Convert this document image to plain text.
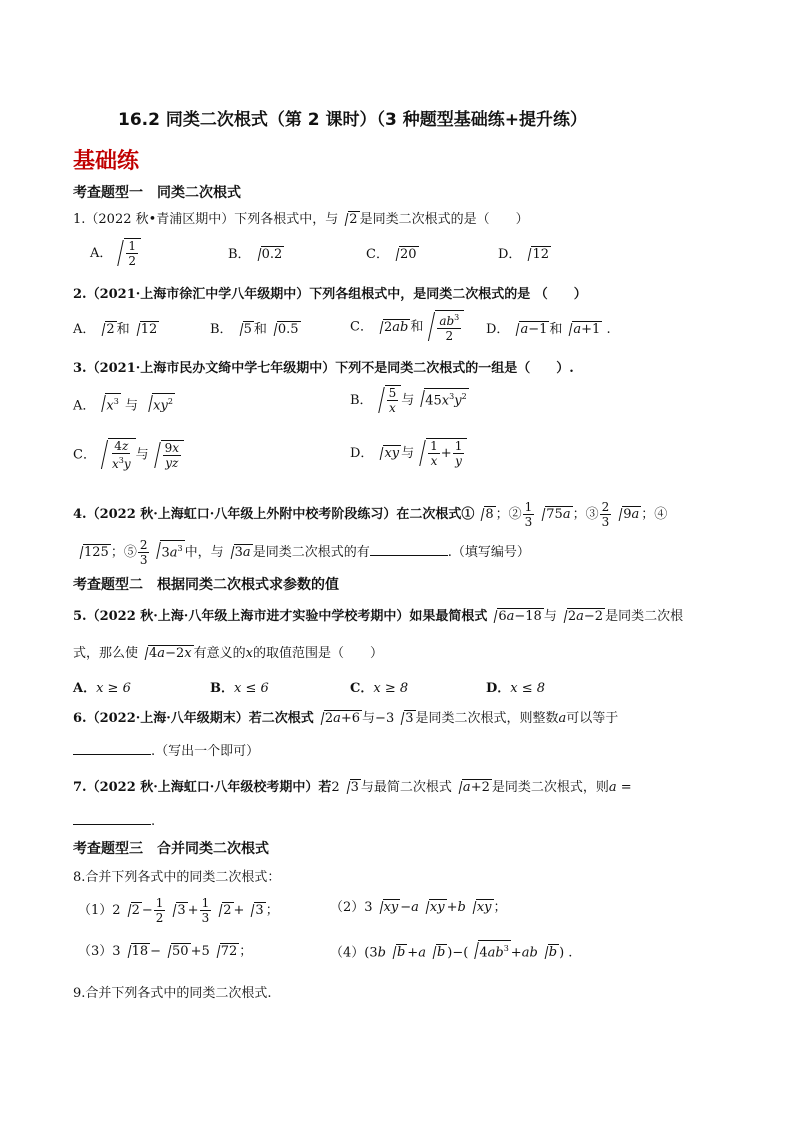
16.2 同类二次根式（第 2 课时）（3 种题型基础练+提升练）
基础练
考查题型一　同类二次根式
1.（2022 秋•青浦区期中）下列各根式中，与 2 是同类二次根式的是（　　）
A． $\frac{1}{2}$	B． 0.2	C． 20	D． 12
2.（2021·上海市徐汇中学八年级期中）下列各组根式中，是同类二次根式的是 （　　）
A． 2 和 12	B． 5 和 0.5	C． 2ab 和 $\frac{ab^3}{2}$ D． a−1 和 a+1 .
3.（2021·上海市民办文绮中学七年级期中）下列不是同类二次根式的一组是（　　）.
A． $x^3$ 与 $xy^2$	B． $\frac{5}{x}$ 与 $45x^3y^2$
C． $\frac{4z}{x^3y}$ 与 $\frac{9x}{yz}$	D． xy 与 $\frac{1}{x} + \frac{1}{y}$
4.（2022 秋·上海虹口·八年级上外附中校考阶段练习）在二次根式① 8 ；② $\frac{1}{3} 75a$ ；③ $\frac{2}{3} 9a$ ；④
125 ；⑤ $\frac{2}{3} 3a^3$ 中，与 3a 是同类二次根式的有	.（填写编号）
考查题型二　根据同类二次根式求参数的值
5.（2022 秋·上海·八年级上海市进才实验中学校考期中）如果最简根式 6a−18 与 2a−2 是同类二次根
式，那么使 4a−2x 有意义的x的取值范围是（　　）
A．x ≥ 6	B．x ≤ 6	C．x ≥ 8	D．x ≤ 8
6.（2022·上海·八年级期末）若二次根式 2a+6 与−3 3 是同类二次根式，则整数a可以等于
.（写出一个即可）
7.（2022 秋·上海虹口·八年级校考期中）若2 3 与最简二次根式 a+2 是同类二次根式，则a =
.
考查题型三　合并同类二次根式
8.合并下列各式中的同类二次根式：
（1）2 $2 - \frac{1}{2} 3 + \frac{1}{3} 2 + 3$ ；	（2）3 xy −a xy +b xy ；
（3）3 18 − 50 +5 72 ；	（4）(3b b +a b )−( $4ab^3 +ab$ b ) .
9.合并下列各式中的同类二次根式.
